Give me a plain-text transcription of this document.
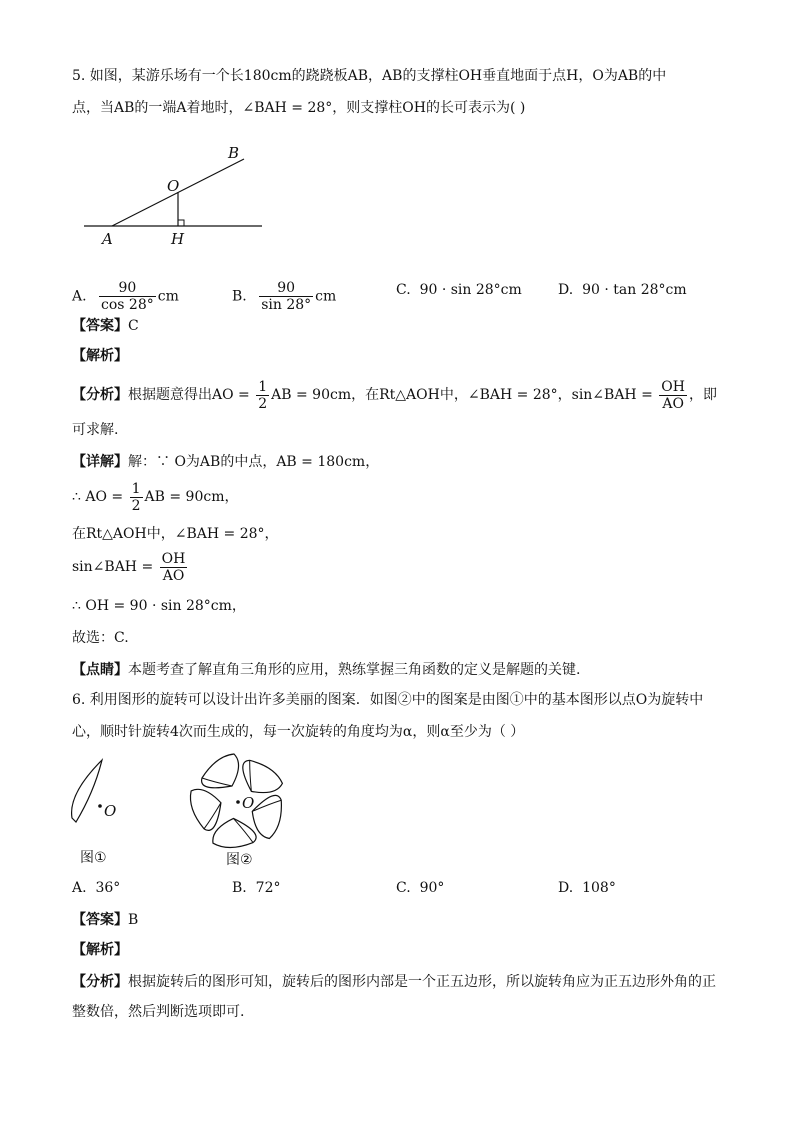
5. 如图，某游乐场有一个长180cm的跷跷板AB，AB的支撑柱OH垂直地面于点H，O为AB的中
点，当AB的一端A着地时，∠BAH = 28°，则支撑柱OH的长可表示为( )
B
O
A	H
A. $\frac{90}{\cos 28^\circ}$ cm	B. $\frac{90}{\sin 28^\circ}$ cm	C. 90 · sin 28°cm	D. 90 · tan 28°cm
【答案】C
【解析】
【分析】根据题意得出AO = $\frac{1}{2}$ AB = 90cm，在Rt△AOH中，∠BAH = 28°，sin∠BAH = $\frac{OH}{AO}$ ，即
可求解.
【详解】解：∵ O为AB的中点，AB = 180cm，
∴ AO = $\frac{1}{2}$ AB = 90cm，
在Rt△AOH中，∠BAH = 28°，
sin∠BAH = $\frac{OH}{AO}$
∴ OH = 90 · sin 28°cm，
故选：C.
【点睛】本题考查了解直角三角形的应用，熟练掌握三角函数的定义是解题的关键.
6. 利用图形的旋转可以设计出许多美丽的图案．如图②中的图案是由图①中的基本图形以点O为旋转中
心，顺时针旋转4次而生成的，每一次旋转的角度均为α，则α至少为（ ）
O
图①
O
图②
A. 36°	B. 72°	C. 90°	D. 108°
【答案】B
【解析】
【分析】根据旋转后的图形可知，旋转后的图形内部是一个正五边形，所以旋转角应为正五边形外角的正
整数倍，然后判断选项即可.
